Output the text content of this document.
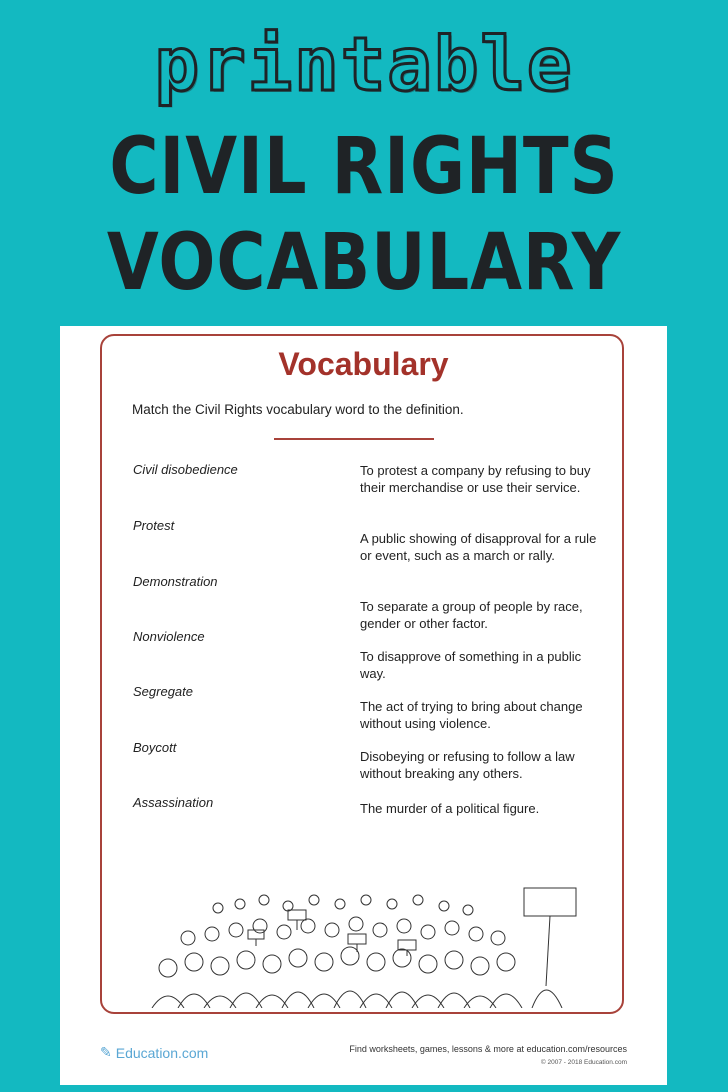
printable
CIVIL RIGHTS
VOCABULARY
Vocabulary
Match the Civil Rights vocabulary word to the definition.
Civil disobedience
Protest
Demonstration
Nonviolence
Segregate
Boycott
Assassination
To protest a company by refusing to buy their merchandise or use their service.
A public showing of disapproval for a rule or event, such as a march or rally.
To separate a group of people by race, gender or other factor.
To disapprove of something in a public way.
The act of trying to bring about change without using violence.
Disobeying or refusing to follow a law without breaking any others.
The murder of a political figure.
✎ Education.com	Find worksheets, games, lessons & more at education.com/resources
© 2007 - 2018 Education.com
